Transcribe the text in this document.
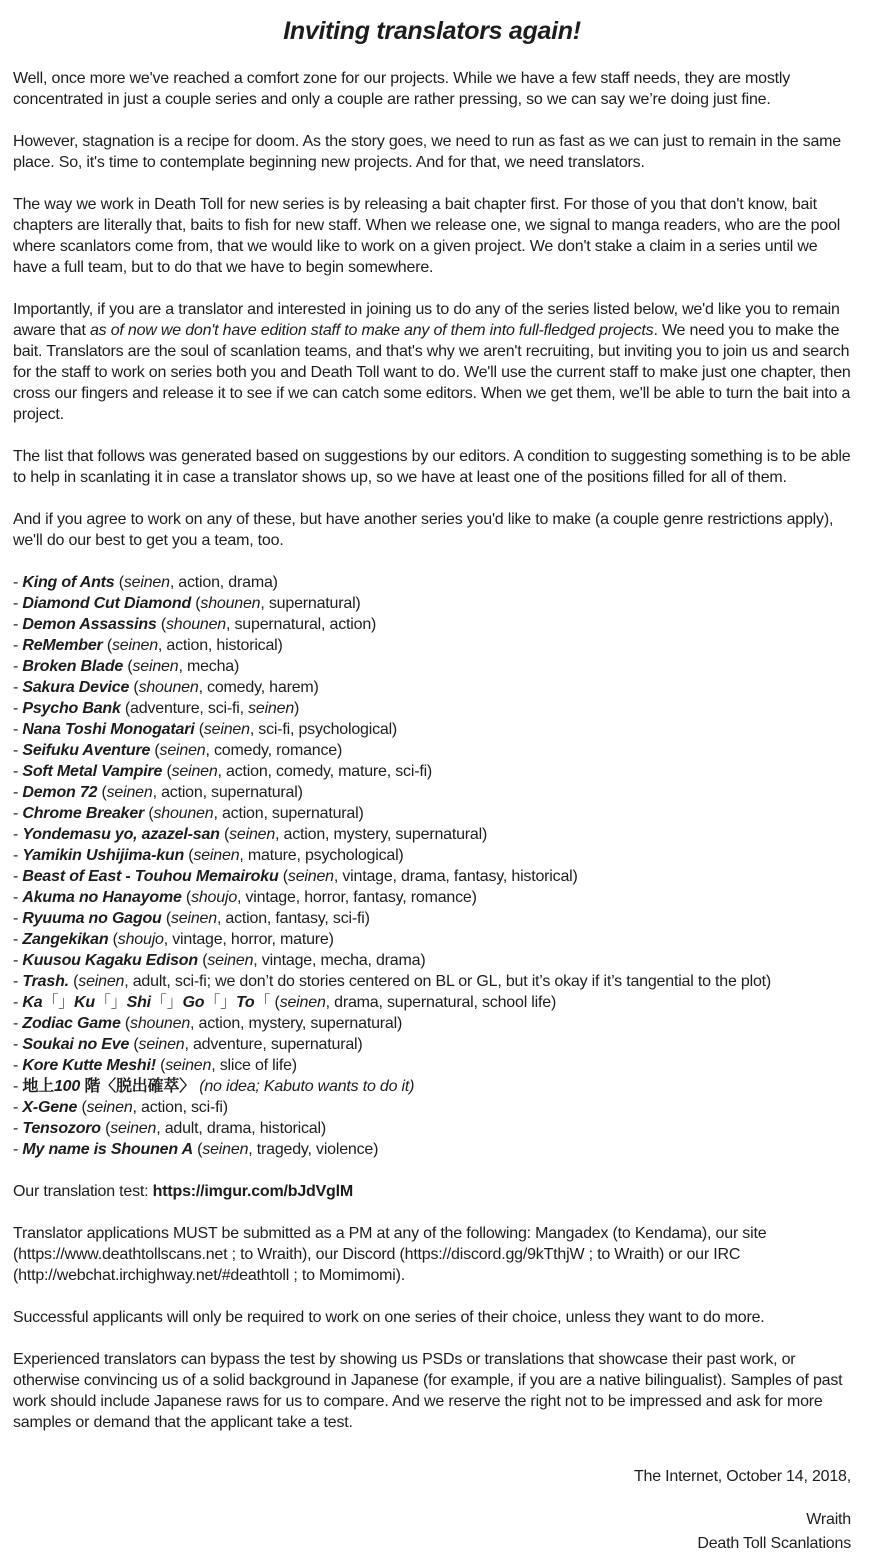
Inviting translators again!

Well, once more we've reached a comfort zone for our projects. While we have a few staff needs, they are mostly concentrated in just a couple series and only a couple are rather pressing, so we can say we’re doing just fine.

However, stagnation is a recipe for doom. As the story goes, we need to run as fast as we can just to remain in the same place. So, it's time to contemplate beginning new projects. And for that, we need translators.

The way we work in Death Toll for new series is by releasing a bait chapter first. For those of you that don't know, bait chapters are literally that, baits to fish for new staff. When we release one, we signal to manga readers, who are the pool where scanlators come from, that we would like to work on a given project. We don't stake a claim in a series until we have a full team, but to do that we have to begin somewhere.

Importantly, if you are a translator and interested in joining us to do any of the series listed below, we'd like you to remain aware that as of now we don't have edition staff to make any of them into full-fledged projects. We need you to make the bait. Translators are the soul of scanlation teams, and that's why we aren't recruiting, but inviting you to join us and search for the staff to work on series both you and Death Toll want to do. We'll use the current staff to make just one chapter, then cross our fingers and release it to see if we can catch some editors. When we get them, we'll be able to turn the bait into a project.

The list that follows was generated based on suggestions by our editors. A condition to suggesting something is to be able to help in scanlating it in case a translator shows up, so we have at least one of the positions filled for all of them.

And if you agree to work on any of these, but have another series you'd like to make (a couple genre restrictions apply), we'll do our best to get you a team, too.

- King of Ants (seinen, action, drama)
- Diamond Cut Diamond (shounen, supernatural)
- Demon Assassins (shounen, supernatural, action)
- ReMember (seinen, action, historical)
- Broken Blade (seinen, mecha)
- Sakura Device (shounen, comedy, harem)
- Psycho Bank (adventure, sci-fi, seinen)
- Nana Toshi Monogatari (seinen, sci-fi, psychological)
- Seifuku Aventure (seinen, comedy, romance)
- Soft Metal Vampire (seinen, action, comedy, mature, sci-fi)
- Demon 72 (seinen, action, supernatural)
- Chrome Breaker (shounen, action, supernatural)
- Yondemasu yo, azazel-san (seinen, action, mystery, supernatural)
- Yamikin Ushijima-kun (seinen, mature, psychological)
- Beast of East - Touhou Memairoku (seinen, vintage, drama, fantasy, historical)
- Akuma no Hanayome (shoujo, vintage, horror, fantasy, romance)
- Ryuuma no Gagou (seinen, action, fantasy, sci-fi)
- Zangekikan (shoujo, vintage, horror, mature)
- Kuusou Kagaku Edison (seinen, vintage, mecha, drama)
- Trash. (seinen, adult, sci-fi; we don’t do stories centered on BL or GL, but it’s okay if it’s tangential to the plot)
- Ka「」Ku「」Shi「」Go「」To「 (seinen, drama, supernatural, school life)
- Zodiac Game (shounen, action, mystery, supernatural)
- Soukai no Eve (seinen, adventure, supernatural)
- Kore Kutte Meshi! (seinen, slice of life)
- 地上100 階〈脱出確萃〉 (no idea; Kabuto wants to do it)
- X-Gene (seinen, action, sci-fi)
- Tensozoro (seinen, adult, drama, historical)
- My name is Shounen A (seinen, tragedy, violence)

Our translation test: https://imgur.com/bJdVglM

Translator applications MUST be submitted as a PM at any of the following: Mangadex (to Kendama), our site (https://www.deathtollscans.net ; to Wraith), our Discord (https://discord.gg/9kTthjW ; to Wraith) or our IRC (http://webchat.irchighway.net/#deathtoll ; to Momimomi).

Successful applicants will only be required to work on one series of their choice, unless they want to do more.

Experienced translators can bypass the test by showing us PSDs or translations that showcase their past work, or otherwise convincing us of a solid background in Japanese (for example, if you are a native bilingualist). Samples of past work should include Japanese raws for us to compare. And we reserve the right not to be impressed and ask for more samples or demand that the applicant take a test.

The Internet, October 14, 2018,

Wraith

Death Toll Scanlations
